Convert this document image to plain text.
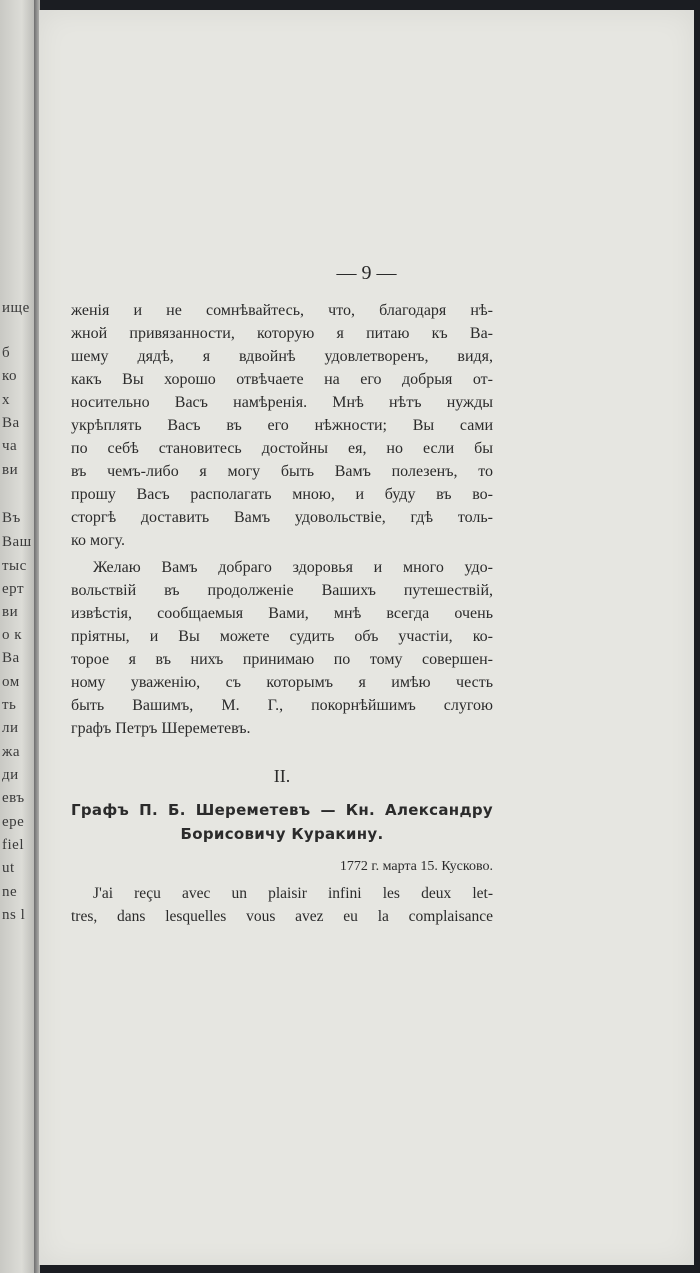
ище
б
ко
х
Ва
ча
ви
Въ
Ваш
тыс
ерт
ви
о к
Ва
ом
ть
ли
жа
ди
евъ
ере
fiel
ut
ne
ns l
— 9 —
женія и не сомнѣвайтесь, что, благодаря нѣ-
жной привязанности, которую я питаю къ Ва-
шему дядѣ, я вдвойнѣ удовлетворенъ, видя,
какъ Вы хорошо отвѣчаете на его добрыя от-
носительно Васъ намѣренія. Мнѣ нѣтъ нужды
укрѣплять Васъ въ его нѣжности; Вы сами
по себѣ становитесь достойны ея, но если бы
въ чемъ-либо я могу быть Вамъ полезенъ, то
прошу Васъ располагать мною, и буду въ во-
сторгѣ доставить Вамъ удовольствіе, гдѣ толь-
ко могу.
Желаю Вамъ добраго здоровья и много удо-
вольствій въ продолженіе Вашихъ путешествій,
извѣстія, сообщаемыя Вами, мнѣ всегда очень
пріятны, и Вы можете судить объ участіи, ко-
торое я въ нихъ принимаю по тому совершен-
ному уваженію, съ которымъ я имѣю честь
быть Вашимъ, М. Г., покорнѣйшимъ слугою
графъ Петръ Шереметевъ.
II.
Графъ П. Б. Шереметевъ — Кн. Александру
Борисовичу Куракину.
1772 г. марта 15. Кусково.
J'ai reçu avec un plaisir infini les deux let-
tres, dans lesquelles vous avez eu la complaisance
